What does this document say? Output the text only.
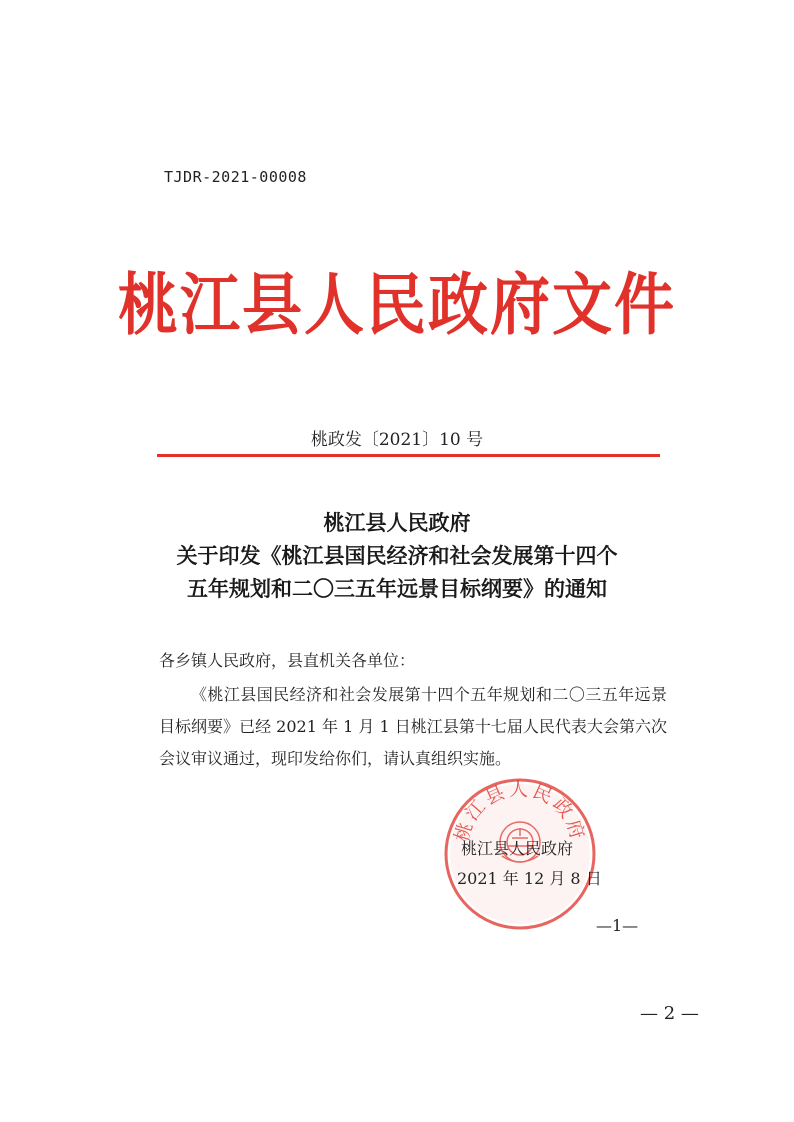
TJDR-2021-00008
桃江县人民政府文件
桃政发〔2021〕10 号
桃江县人民政府
关于印发《桃江县国民经济和社会发展第十四个
五年规划和二〇三五年远景目标纲要》的通知
各乡镇人民政府，县直机关各单位：
《桃江县国民经济和社会发展第十四个五年规划和二〇三五年远景目标纲要》已经 2021 年 1 月 1 日桃江县第十七届人民代表大会第六次会议审议通过，现印发给你们，请认真组织实施。
桃江县人民政府
桃江县人民政府
2021 年 12 月 8 日
—1—
— 2 —
